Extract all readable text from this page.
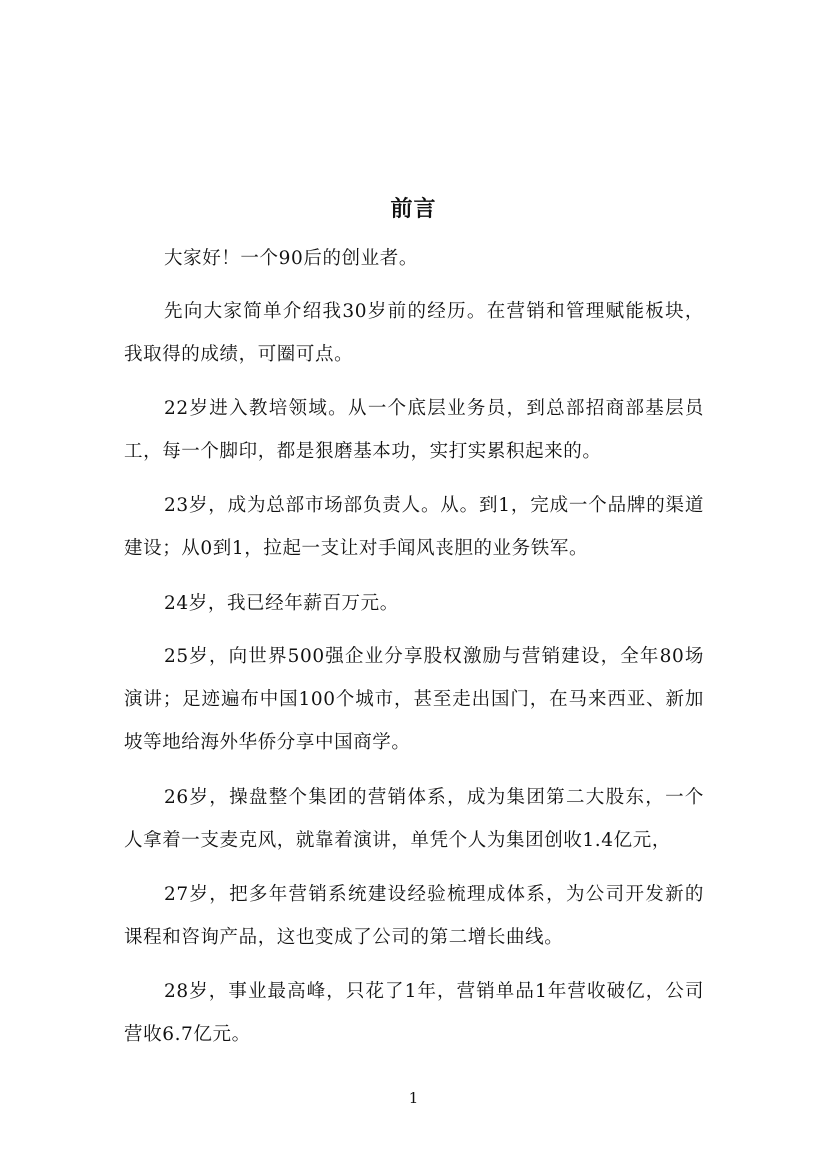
前言

大家好！一个90后的创业者。

先向大家简单介绍我30岁前的经历。在营销和管理赋能板块，我取得的成绩，可圈可点。

22岁进入教培领域。从一个底层业务员，到总部招商部基层员工，每一个脚印，都是狠磨基本功，实打实累积起来的。

23岁，成为总部市场部负责人。从。到1，完成一个品牌的渠道建设；从0到1，拉起一支让对手闻风丧胆的业务铁军。

24岁，我已经年薪百万元。

25岁，向世界500强企业分享股权激励与营销建设，全年80场演讲；足迹遍布中国100个城市，甚至走出国门，在马来西亚、新加坡等地给海外华侨分享中国商学。

26岁，操盘整个集团的营销体系，成为集团第二大股东，一个人拿着一支麦克风，就靠着演讲，单凭个人为集团创收1.4亿元，

27岁，把多年营销系统建设经验梳理成体系，为公司开发新的课程和咨询产品，这也变成了公司的第二增长曲线。

28岁，事业最高峰，只花了1年，营销单品1年营收破亿，公司营收6.7亿元。

1
